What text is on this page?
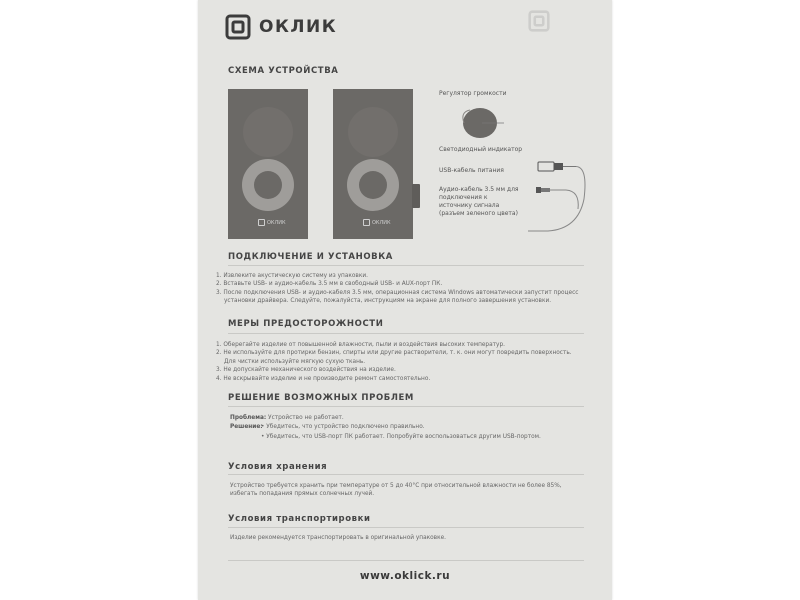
ОКЛИК
СХЕМА УСТРОЙСТВА
ОКЛИК	ОКЛИК
Регулятор громкости
Светодиодный индикатор
USB-кабель питания
Аудио-кабель 3.5 мм для подключения к источнику сигнала (разъем зеленого цвета)
ПОДКЛЮЧЕНИЕ И УСТАНОВКА
1. Извлеките акустическую систему из упаковки.
2. Вставьте USB- и аудио-кабель 3.5 мм в свободный USB- и AUX-порт ПК.
3. После подключения USB- и аудио-кабеля 3.5 мм, операционная система Windows автоматически запустит процесс
установки драйвера. Следуйте, пожалуйста, инструкциям на экране для полного завершения установки.
МЕРЫ ПРЕДОСТОРОЖНОСТИ
1. Оберегайте изделие от повышенной влажности, пыли и воздействия высоких температур.
2. Не используйте для протирки бензин, спирты или другие растворители, т. к. они могут повредить поверхность.
Для чистки используйте мягкую сухую ткань.
3. Не допускайте механического воздействия на изделие.
4. Не вскрывайте изделие и не производите ремонт самостоятельно.
РЕШЕНИЕ ВОЗМОЖНЫХ ПРОБЛЕМ
Проблема: Устройство не работает.
Решение:
• Убедитесь, что устройство подключено правильно.
• Убедитесь, что USB-порт ПК работает. Попробуйте воспользоваться другим USB-портом.
Условия хранения
Устройство требуется хранить при температуре от 5 до 40°С при относительной влажности не более 85%, избегать попадания прямых солнечных лучей.
Условия транспортировки
Изделие рекомендуется транспортировать в оригинальной упаковке.
www.oklick.ru
